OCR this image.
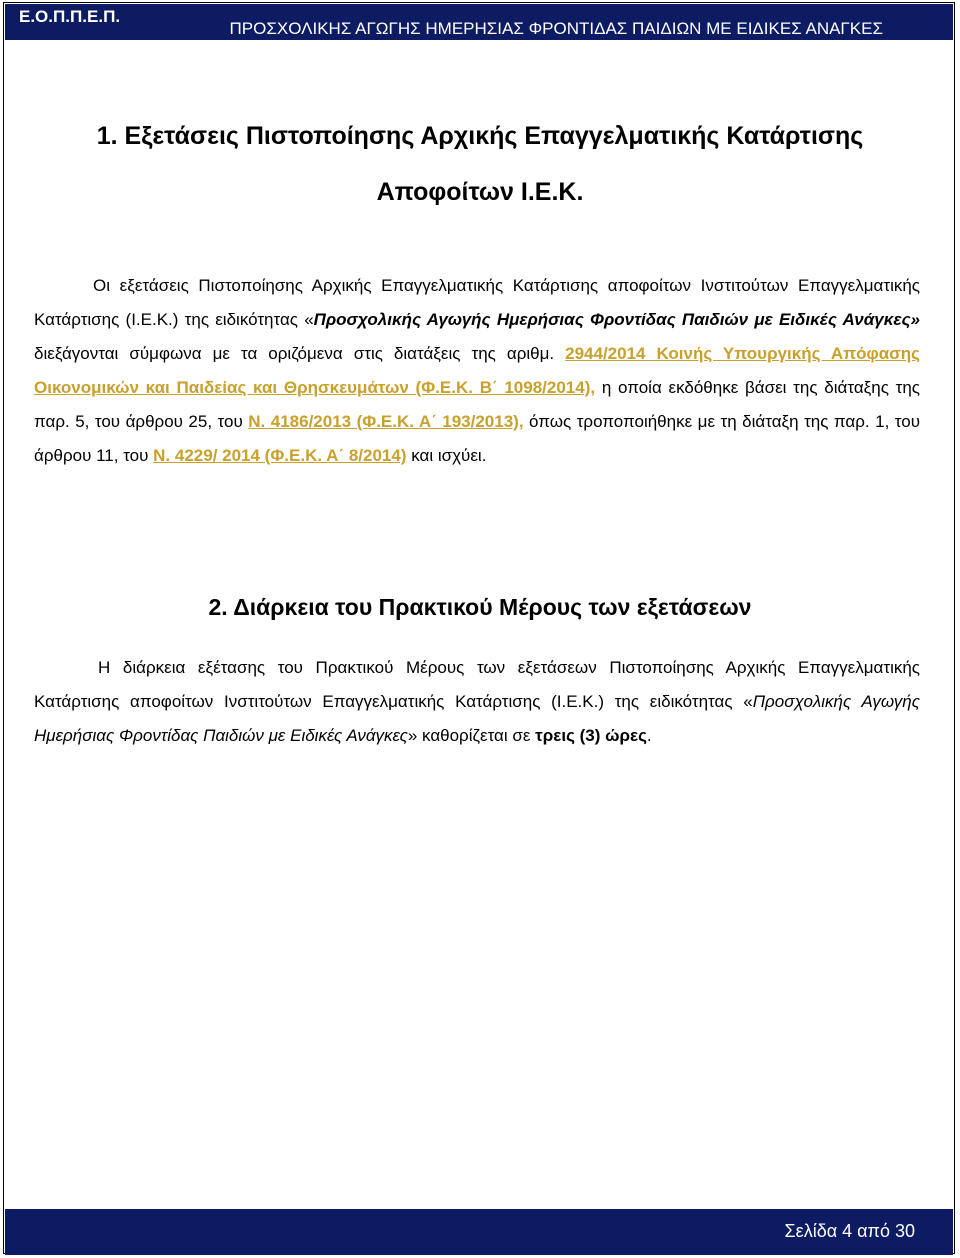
Ε.Ο.Π.Π.Ε.Π.
ΠΡΟΣΧΟΛΙΚΗΣ ΑΓΩΓΗΣ ΗΜΕΡΗΣΙΑΣ ΦΡΟΝΤΙΔΑΣ ΠΑΙΔΙΩΝ ΜΕ ΕΙΔΙΚΕΣ ΑΝΑΓΚΕΣ
1. Εξετάσεις Πιστοποίησης Αρχικής Επαγγελματικής Κατάρτισης
Αποφοίτων Ι.Ε.Κ.
Οι εξετάσεις Πιστοποίησης Αρχικής Επαγγελματικής Κατάρτισης αποφοίτων Ινστιτούτων Επαγγελματικής Κατάρτισης (Ι.Ε.Κ.) της ειδικότητας «Προσχολικής Αγωγής Ημερήσιας Φροντίδας Παιδιών με Ειδικές Ανάγκες» διεξάγονται σύμφωνα με τα οριζόμενα στις διατάξεις της αριθμ. 2944/2014 Κοινής Υπουργικής Απόφασης Οικονομικών και Παιδείας και Θρησκευμάτων (Φ.Ε.Κ. Β΄ 1098/2014), η οποία εκδόθηκε βάσει της διάταξης της παρ. 5, του άρθρου 25, του Ν. 4186/2013 (Φ.Ε.Κ. Α΄ 193/2013), όπως τροποποιήθηκε με τη διάταξη της παρ. 1, του άρθρου 11, του Ν. 4229/ 2014 (Φ.Ε.Κ. Α΄ 8/2014) και ισχύει.
2. Διάρκεια του Πρακτικού Μέρους των εξετάσεων
Η διάρκεια εξέτασης του Πρακτικού Μέρους των εξετάσεων Πιστοποίησης Αρχικής Επαγγελματικής Κατάρτισης αποφοίτων Ινστιτούτων Επαγγελματικής Κατάρτισης (Ι.Ε.Κ.) της ειδικότητας «Προσχολικής Αγωγής Ημερήσιας Φροντίδας Παιδιών με Ειδικές Ανάγκες» καθορίζεται σε τρεις (3) ώρες.
Σελίδα 4 από 30
